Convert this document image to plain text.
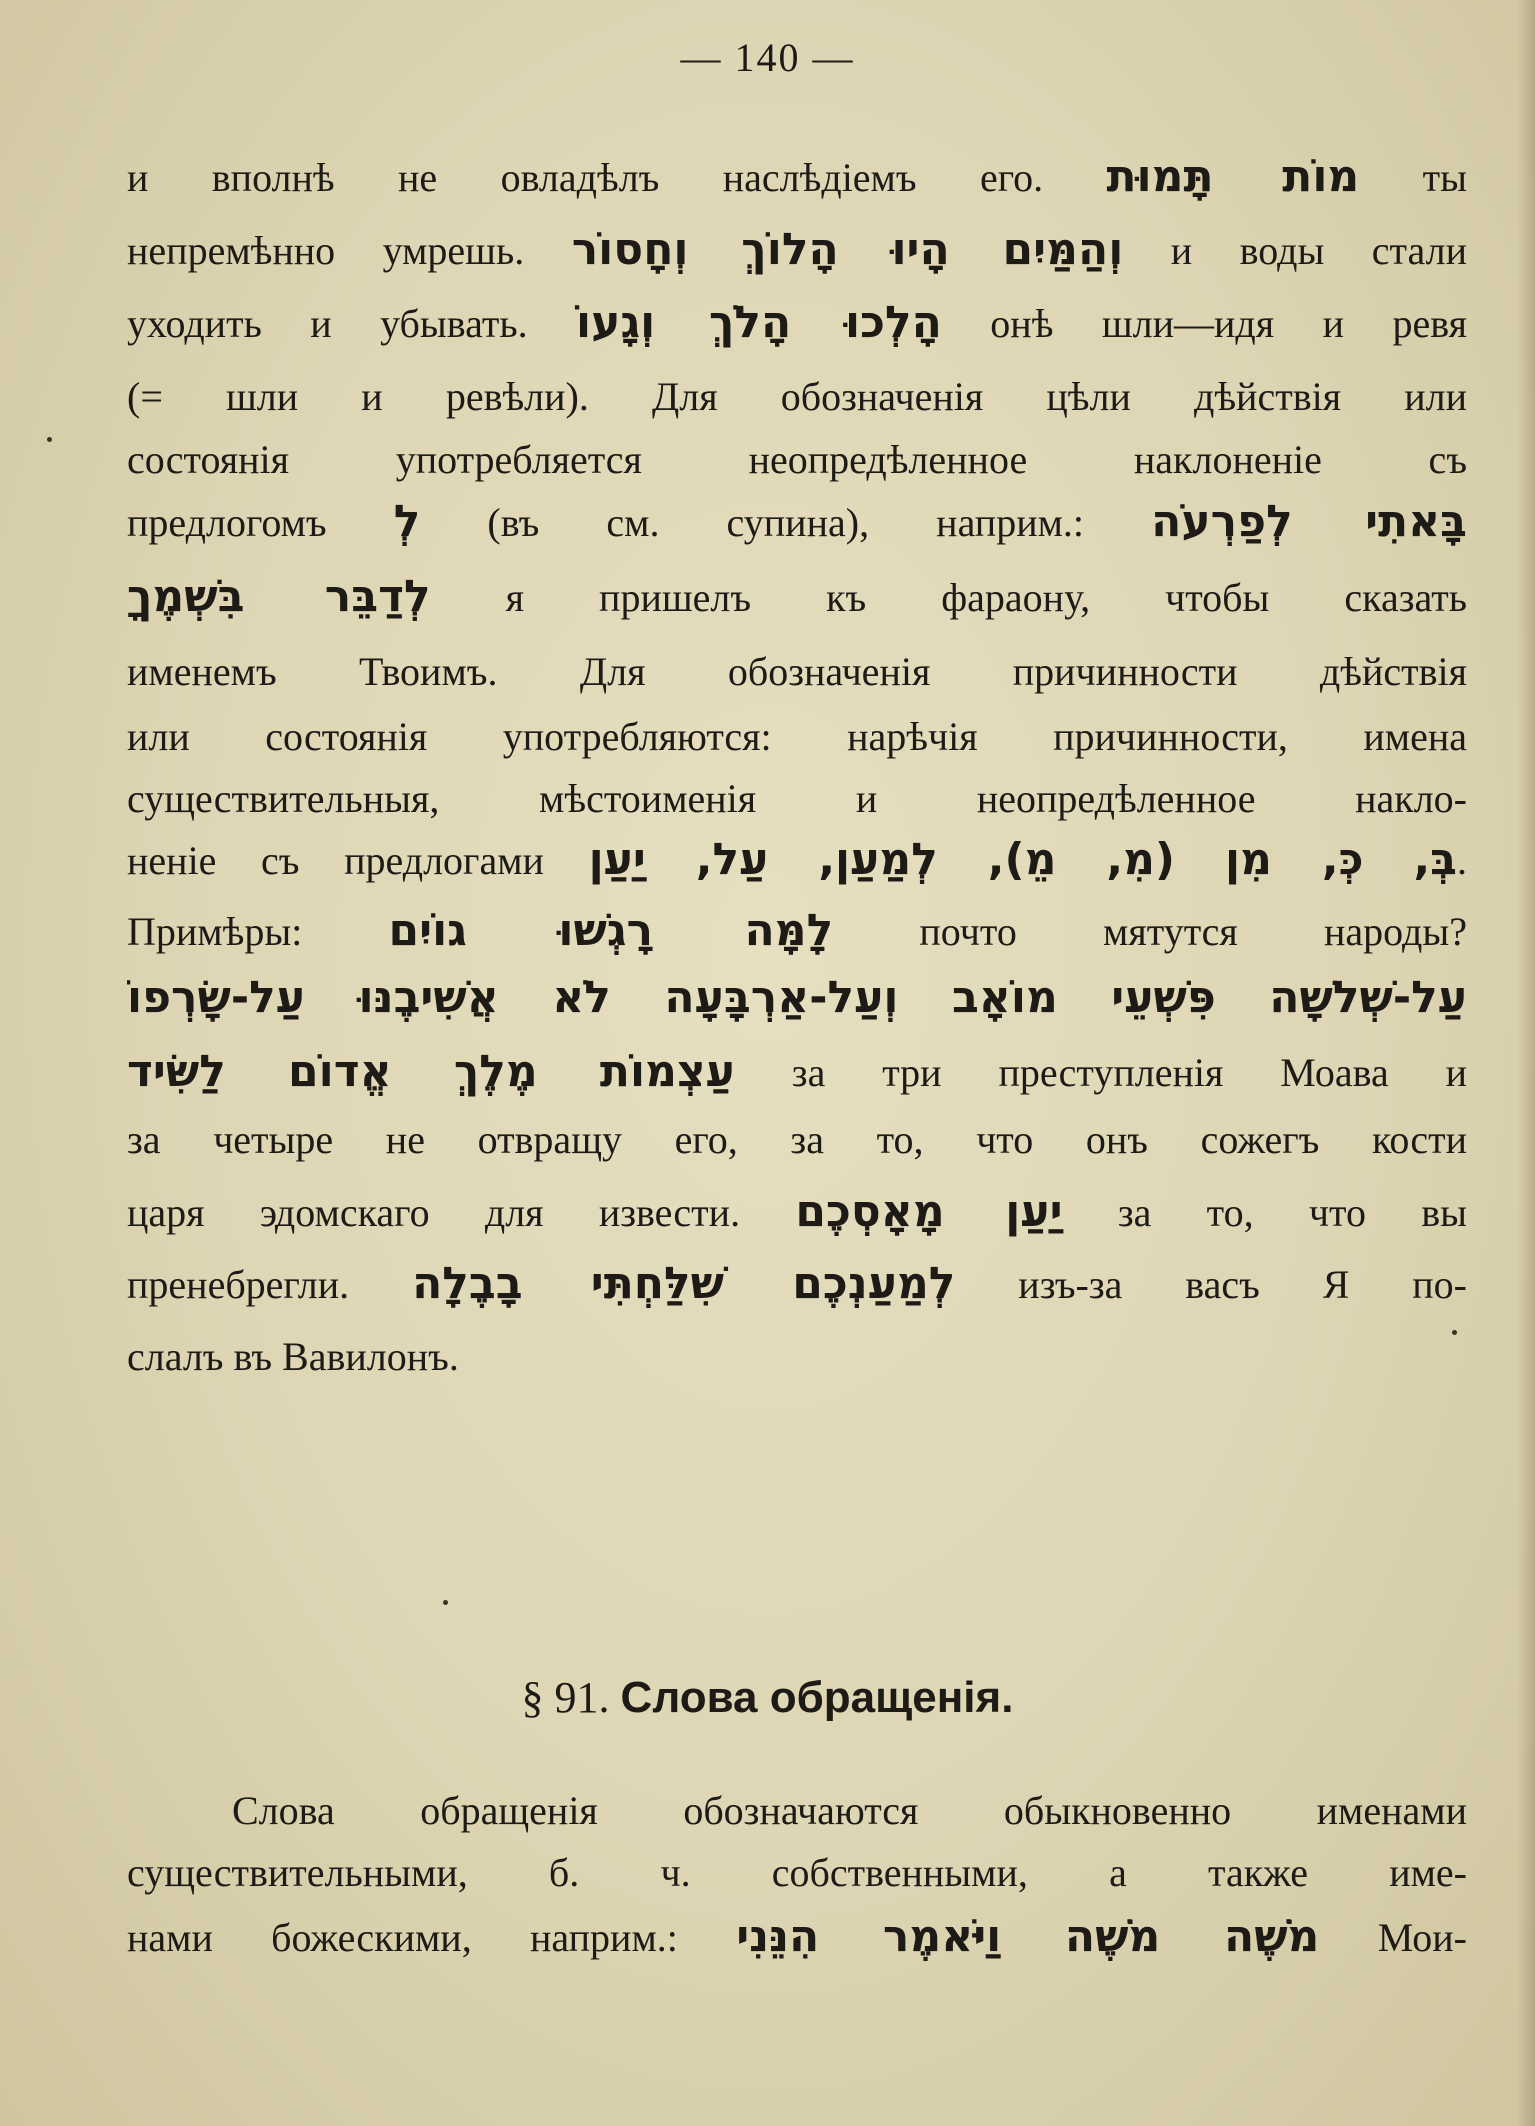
— 140 —
и вполнѣ не овладѣлъ наслѣдіемъ его. מוֹת תָּמוּת ты
непремѣнно умрешь. וְהַמַּיִם הָיוּ הָלוֹךְ וְחָסוֹר и воды стали
уходить и убывать. הָלְכוּ הָלֹךְ וְגָעוֹ онѣ шли—идя и ревя
(= шли и ревѣли). Для обозначенія цѣли дѣйствія или
состоянія употребляется неопредѣленное наклоненіе съ
предлогомъ לְ (въ см. супина), наприм.: בָּאתִי לְפַרְעֹה
לְדַבֵּר בִּשְׁמֶךָ я пришелъ къ фараону, чтобы сказать
именемъ Твоимъ. Для обозначенія причинности дѣйствія
или состоянія употребляются: нарѣчія причинности, имена
существительныя, мѣстоименія и неопредѣленное накло-
неніе съ предлогами בְּ, כְּ, מִן (מִ, מֵ), לְמַעַן, עַל, יַעַן.
Примѣры: לָמָּה רָגְשׁוּ גוֹיִם почто мятутся народы?
עַל-שְׁלשָׁה פִּשְׁעֵי מוֹאָב וְעַל-אַרְבָּעָה לֹא אֲשִׁיבֶנּוּ עַל-שָׂרְפוֹ
עַצְמוֹת מֶלֶךְ אֱדוֹם לַשִּׂיד за три преступленія Моава и
за четыре не отвращу его, за то, что онъ сожегъ кости
царя эдомскаго для извести. יַעַן מָאָסְכֶם за то, что вы
пренебрегли. לְמַעַנְכֶם שִׁלַּחְתִּי בָבֶלָה изъ-за васъ Я по-
слалъ въ Вавилонъ.
§ 91. Слова обращенія.
Слова обращенія обозначаются обыкновенно именами
существительными, б. ч. собственными, а также име-
нами божескими, наприм.: מֹשֶׁה מֹשֶׁה וַיֹּאמֶר הִנֵּנִי Мои-
